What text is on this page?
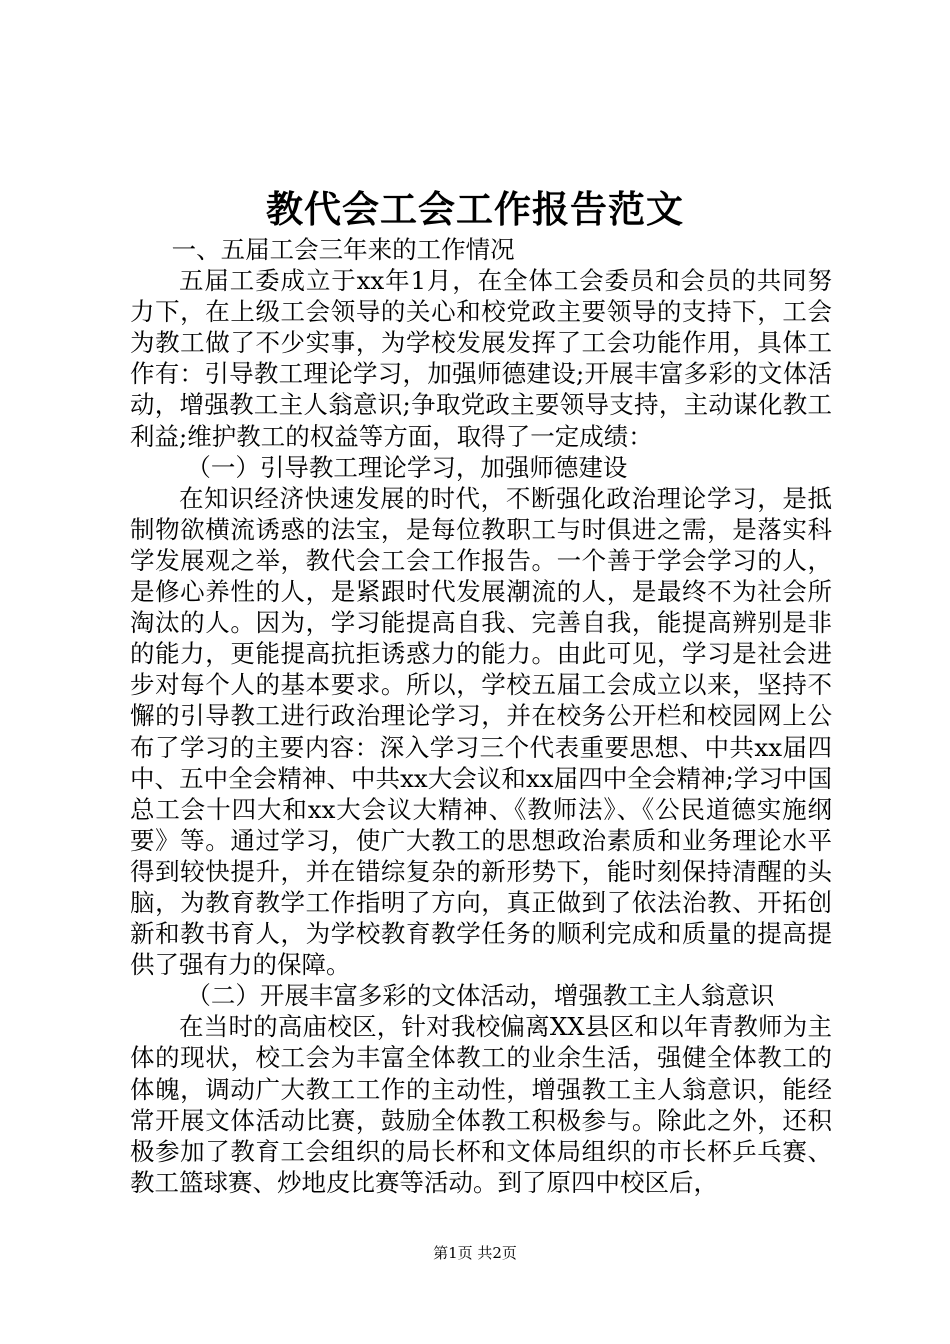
教代会工会工作报告范文

一、五届工会三年来的工作情况

五届工委成立于xx年1月，在全体工会委员和会员的共同努力下，在上级工会领导的关心和校党政主要领导的支持下，工会为教工做了不少实事，为学校发展发挥了工会功能作用，具体工作有：引导教工理论学习，加强师德建设;开展丰富多彩的文体活动，增强教工主人翁意识;争取党政主要领导支持，主动谋化教工利益;维护教工的权益等方面，取得了一定成绩：

（一）引导教工理论学习，加强师德建设

在知识经济快速发展的时代，不断强化政治理论学习，是抵制物欲横流诱惑的法宝，是每位教职工与时俱进之需，是落实科学发展观之举，教代会工会工作报告。一个善于学会学习的人，是修心养性的人，是紧跟时代发展潮流的人，是最终不为社会所淘汰的人。因为，学习能提高自我、完善自我，能提高辨别是非的能力，更能提高抗拒诱惑力的能力。由此可见，学习是社会进步对每个人的基本要求。所以，学校五届工会成立以来，坚持不懈的引导教工进行政治理论学习，并在校务公开栏和校园网上公布了学习的主要内容：深入学习三个代表重要思想、中共xx届四中、五中全会精神、中共xx大会议和xx届四中全会精神;学习中国总工会十四大和xx大会议大精神、《教师法》、《公民道德实施纲要》等。通过学习，使广大教工的思想政治素质和业务理论水平得到较快提升，并在错综复杂的新形势下，能时刻保持清醒的头脑，为教育教学工作指明了方向，真正做到了依法治教、开拓创新和教书育人，为学校教育教学任务的顺利完成和质量的提高提供了强有力的保障。

（二）开展丰富多彩的文体活动，增强教工主人翁意识

在当时的高庙校区，针对我校偏离XX县区和以年青教师为主体的现状，校工会为丰富全体教工的业余生活，强健全体教工的体魄，调动广大教工工作的主动性，增强教工主人翁意识，能经常开展文体活动比赛，鼓励全体教工积极参与。除此之外，还积极参加了教育工会组织的局长杯和文体局组织的市长杯乒乓赛、教工篮球赛、炒地皮比赛等活动。到了原四中校区后，

第1页 共2页
